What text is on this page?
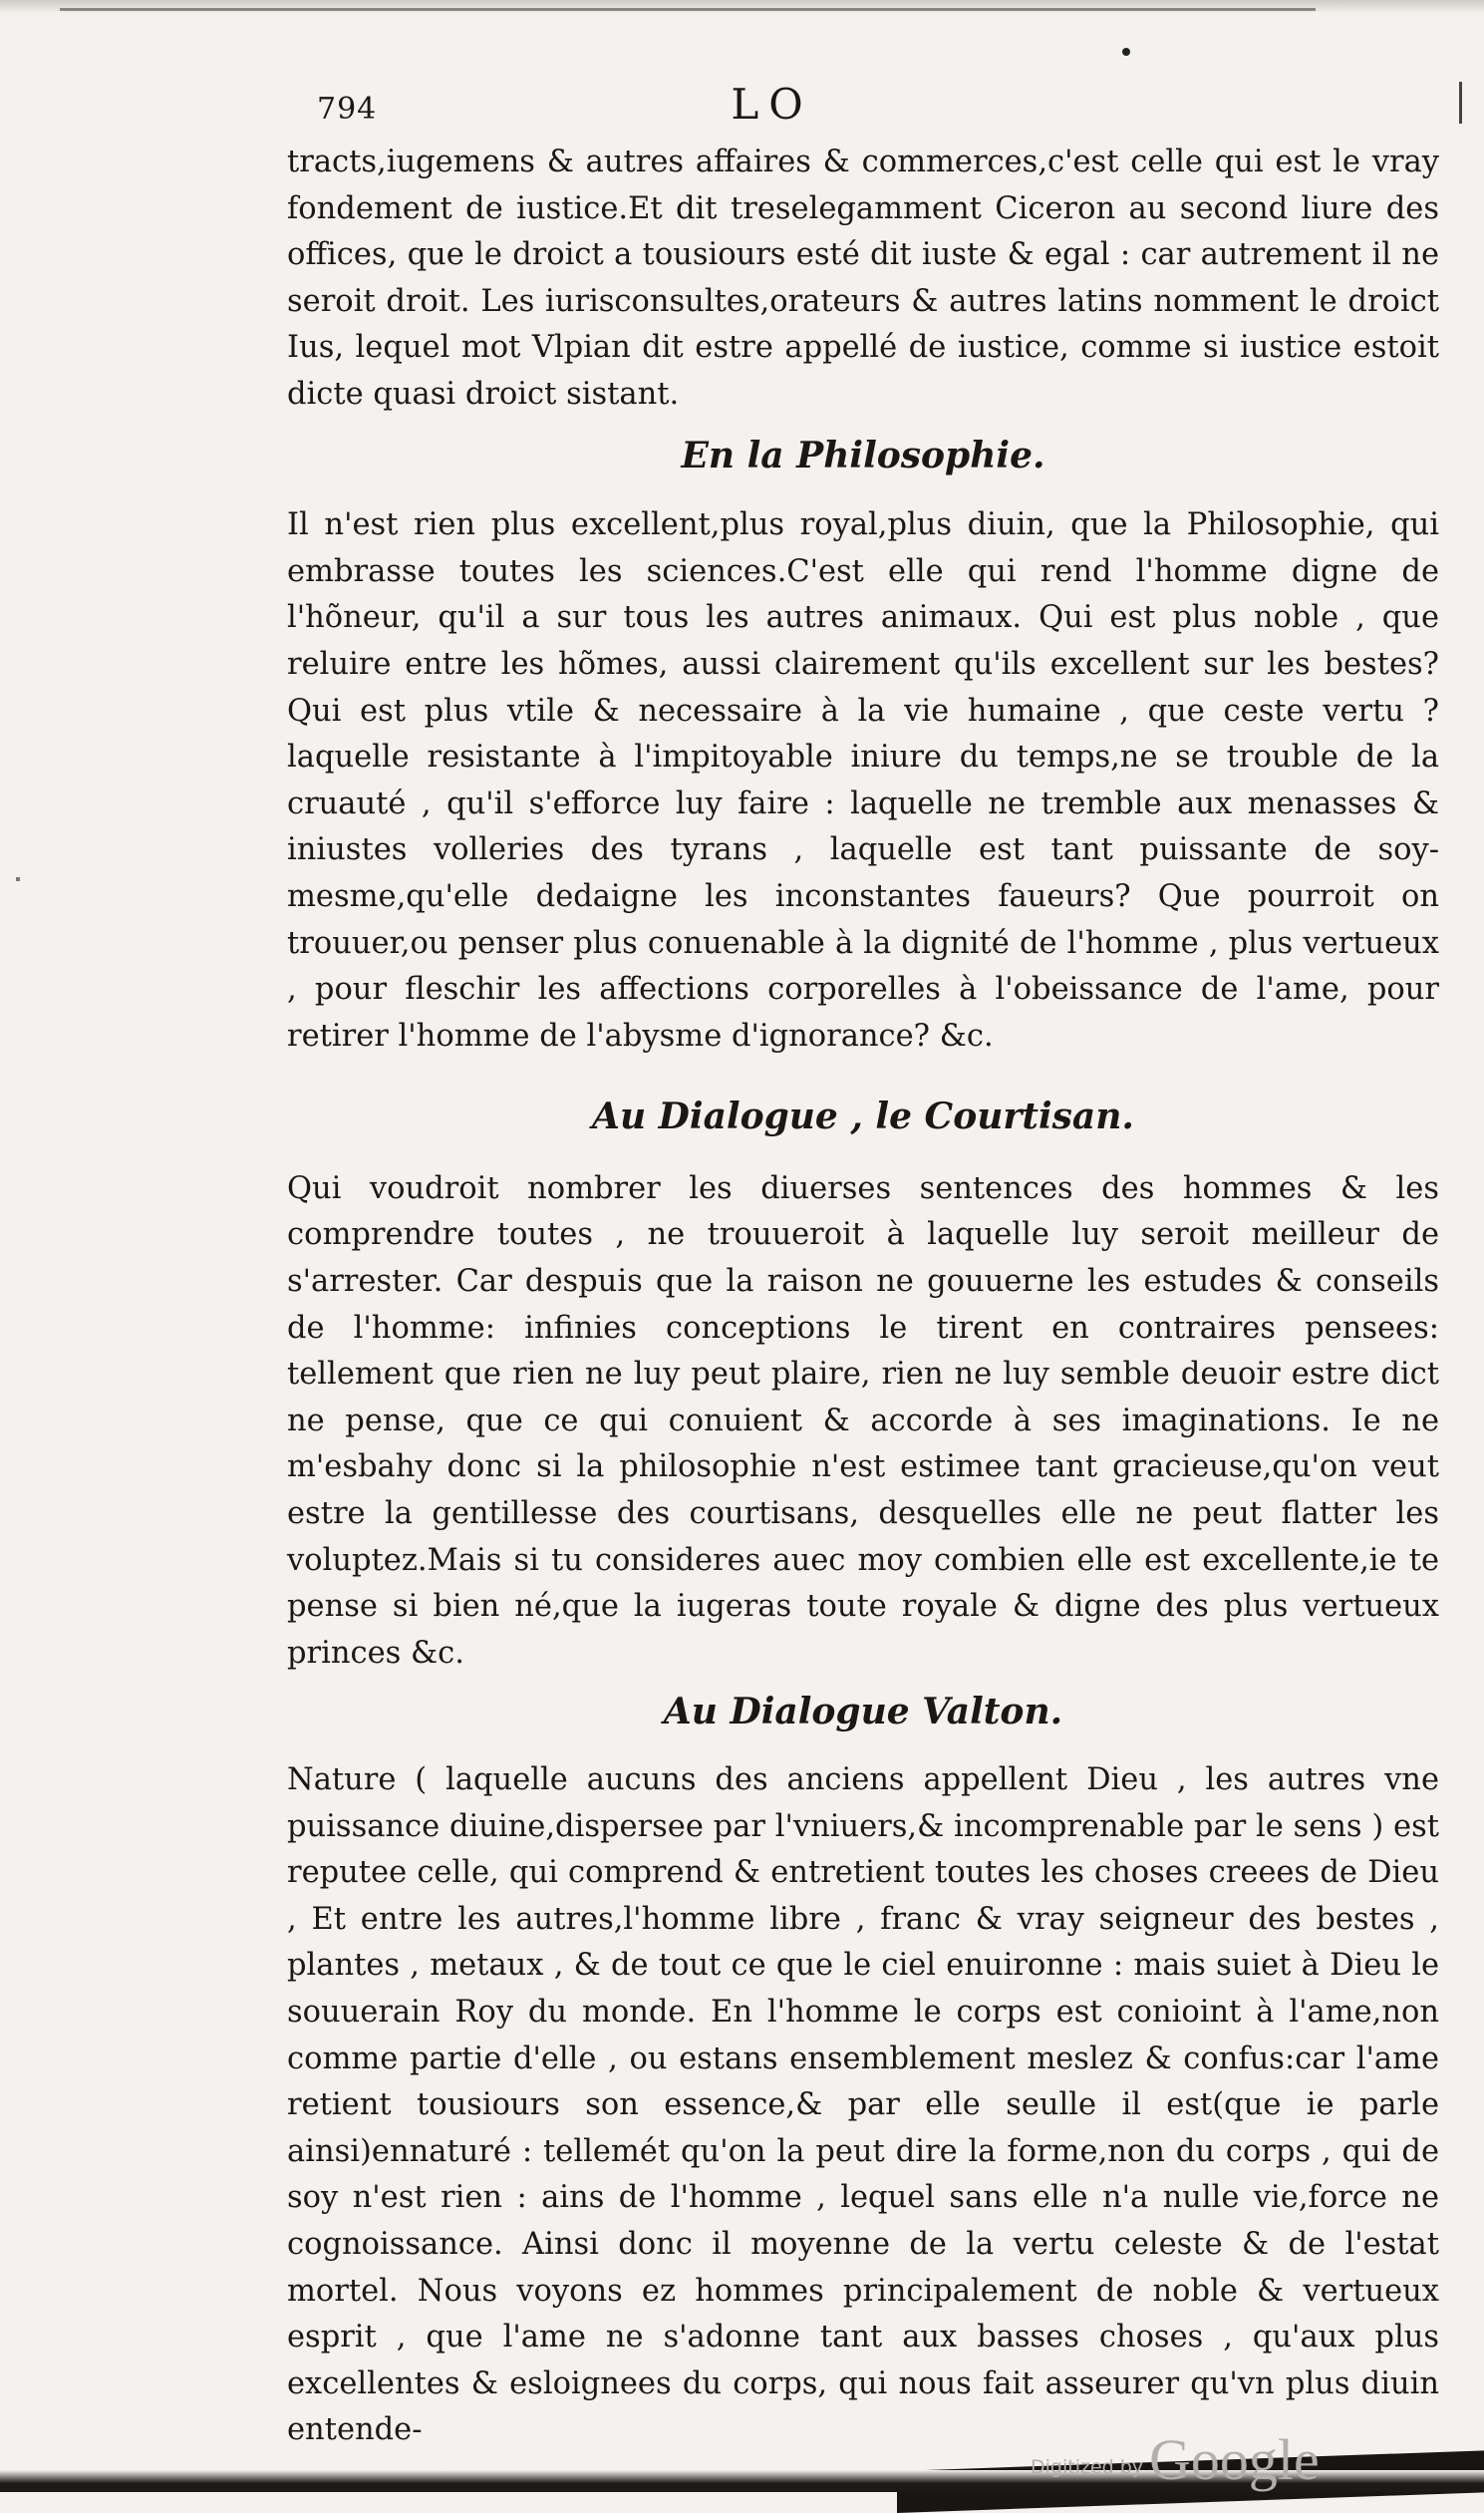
794	LO

tracts,iugemens & autres affaires & commerces,c'est celle qui est le vray fondement de iustice.Et dit treselegamment Ciceron au second liure des offices, que le droict a tousiours esté dit iuste & egal : car autrement il ne seroit droit. Les iurisconsultes,orateurs & autres latins nomment le droict Ius, lequel mot Vlpian dit estre appellé de iustice, comme si iustice estoit dicte quasi droict sistant.

En la Philosophie.

Il n'est rien plus excellent,plus royal,plus diuin, que la Philosophie, qui embrasse toutes les sciences.C'est elle qui rend l'homme digne de l'hõneur, qu'il a sur tous les autres animaux. Qui est plus noble , que reluire entre les hõmes, aussi clairement qu'ils excellent sur les bestes? Qui est plus vtile & necessaire à la vie humaine , que ceste vertu ? laquelle resistante à l'impitoyable iniure du temps,ne se trouble de la cruauté , qu'il s'efforce luy faire : laquelle ne tremble aux menasses & iniustes volleries des tyrans , laquelle est tant puissante de soy-mesme,qu'elle dedaigne les inconstantes faueurs? Que pourroit on trouuer,ou penser plus conuenable à la dignité de l'homme , plus vertueux , pour fleschir les affections corporelles à l'obeissance de l'ame, pour retirer l'homme de l'abysme d'ignorance? &c.

Au Dialogue , le Courtisan.

Qui voudroit nombrer les diuerses sentences des hommes & les comprendre toutes , ne trouueroit à laquelle luy seroit meilleur de s'arrester. Car despuis que la raison ne gouuerne les estudes & conseils de l'homme: infinies conceptions le tirent en contraires pensees: tellement que rien ne luy peut plaire, rien ne luy semble deuoir estre dict ne pense, que ce qui conuient & accorde à ses imaginations. Ie ne m'esbahy donc si la philosophie n'est estimee tant gracieuse,qu'on veut estre la gentillesse des courtisans, desquelles elle ne peut flatter les voluptez.Mais si tu consideres auec moy combien elle est excellente,ie te pense si bien né,que la iugeras toute royale & digne des plus vertueux princes &c.

Au Dialogue Valton.

Nature ( laquelle aucuns des anciens appellent Dieu , les autres vne puissance diuine,dispersee par l'vniuers,& incomprenable par le sens ) est reputee celle, qui comprend & entretient toutes les choses creees de Dieu , Et entre les autres,l'homme libre , franc & vray seigneur des bestes , plantes , metaux , & de tout ce que le ciel enuironne : mais suiet à Dieu le souuerain Roy du monde. En l'homme le corps est conioint à l'ame,non comme partie d'elle , ou estans ensemblement meslez & confus:car l'ame retient tousiours son essence,& par elle seulle il est(que ie parle ainsi)ennaturé : tellemét qu'on la peut dire la forme,non du corps , qui de soy n'est rien : ains de l'homme , lequel sans elle n'a nulle vie,force ne cognoissance. Ainsi donc il moyenne de la vertu celeste & de l'estat mortel. Nous voyons ez hommes principalement de noble & vertueux esprit , que l'ame ne s'adonne tant aux basses choses , qu'aux plus excellentes & esloignees du corps, qui nous fait asseurer qu'vn plus diuin entende-

Digitized by Google
